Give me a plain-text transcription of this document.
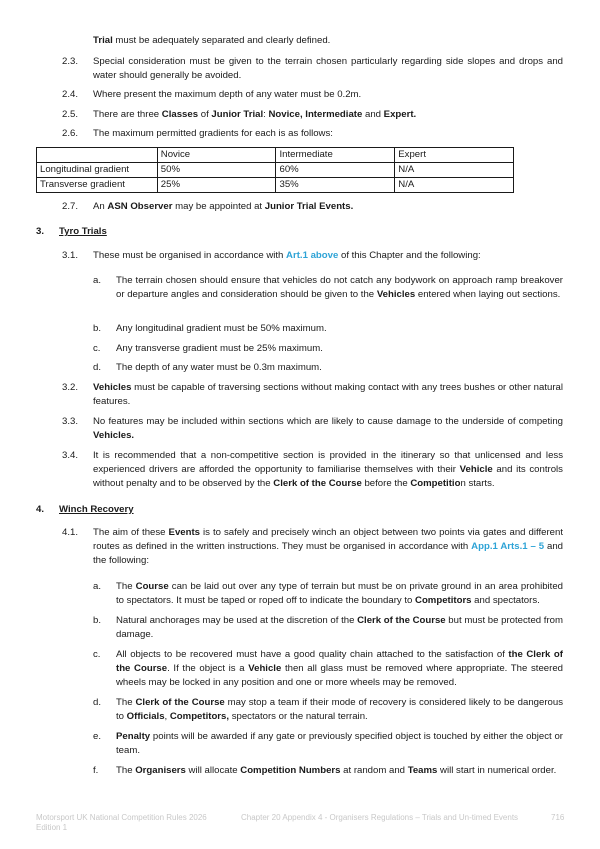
Trial must be adequately separated and clearly defined.
2.3. Special consideration must be given to the terrain chosen particularly regarding side slopes and drops and water should generally be avoided.
2.4. Where present the maximum depth of any water must be 0.2m.
2.5. There are three Classes of Junior Trial: Novice, Intermediate and Expert.
2.6. The maximum permitted gradients for each is as follows:
	Novice	Intermediate	Expert
Longitudinal gradient	50%	60%	N/A
Transverse gradient	25%	35%	N/A
2.7. An ASN Observer may be appointed at Junior Trial Events.
3. Tyro Trials
3.1. These must be organised in accordance with Art.1 above of this Chapter and the following:
a. The terrain chosen should ensure that vehicles do not catch any bodywork on approach ramp breakover or departure angles and consideration should be given to the Vehicles entered when laying out sections.
b. Any longitudinal gradient must be 50% maximum.
c. Any transverse gradient must be 25% maximum.
d. The depth of any water must be 0.3m maximum.
3.2. Vehicles must be capable of traversing sections without making contact with any trees bushes or other natural features.
3.3. No features may be included within sections which are likely to cause damage to the underside of competing Vehicles.
3.4. It is recommended that a non-competitive section is provided in the itinerary so that unlicensed and less experienced drivers are afforded the opportunity to familiarise themselves with their Vehicle and its controls without penalty and to be observed by the Clerk of the Course before the Competition starts.
4. Winch Recovery
4.1. The aim of these Events is to safely and precisely winch an object between two points via gates and different routes as defined in the written instructions. They must be organised in accordance with App.1 Arts.1 – 5 and the following:
a. The Course can be laid out over any type of terrain but must be on private ground in an area prohibited to spectators. It must be taped or roped off to indicate the boundary to Competitors and spectators.
b. Natural anchorages may be used at the discretion of the Clerk of the Course but must be protected from damage.
c. All objects to be recovered must have a good quality chain attached to the satisfaction of the Clerk of the Course. If the object is a Vehicle then all glass must be removed where appropriate. The steered wheels may be locked in any position and one or more wheels may be removed.
d. The Clerk of the Course may stop a team if their mode of recovery is considered likely to be dangerous to Officials, Competitors, spectators or the natural terrain.
e. Penalty points will be awarded if any gate or previously specified object is touched by either the object or team.
f. The Organisers will allocate Competition Numbers at random and Teams will start in numerical order.
Motorsport UK National Competition Rules 2026
Edition 1
Chapter 20 Appendix 4 - Organisers Regulations – Trials and Un-timed Events	716
